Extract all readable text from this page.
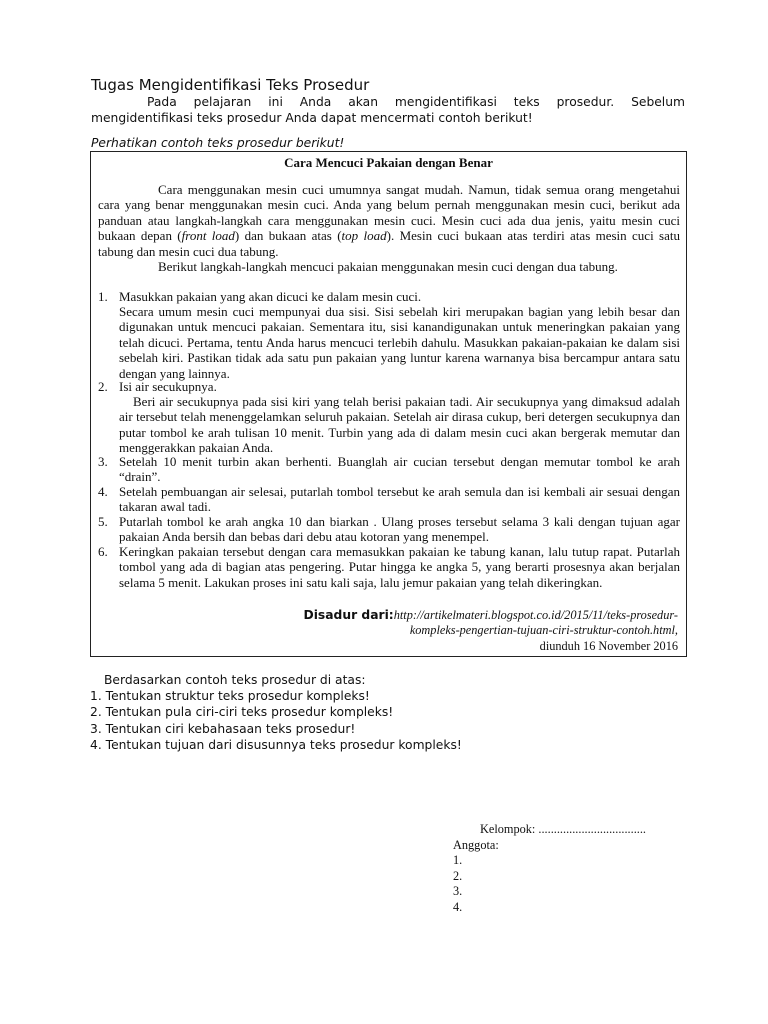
Tugas Mengidentifikasi Teks Prosedur
Pada pelajaran ini Anda akan mengidentifikasi teks prosedur. Sebelum mengidentifikasi teks prosedur Anda dapat mencermati contoh berikut!
Perhatikan contoh teks prosedur berikut!
Cara Mencuci Pakaian dengan Benar
Cara menggunakan mesin cuci umumnya sangat mudah. Namun, tidak semua orang mengetahui cara yang benar menggunakan mesin cuci. Anda yang belum pernah menggunakan mesin cuci, berikut ada panduan atau langkah-langkah cara menggunakan mesin cuci. Mesin cuci ada dua jenis, yaitu mesin cuci bukaan depan (front load) dan bukaan atas (top load). Mesin cuci bukaan atas terdiri atas mesin cuci satu tabung dan mesin cuci dua tabung.
Berikut langkah-langkah mencuci pakaian menggunakan mesin cuci dengan dua tabung.
1. Masukkan pakaian yang akan dicuci ke dalam mesin cuci.
Secara umum mesin cuci mempunyai dua sisi. Sisi sebelah kiri merupakan bagian yang lebih besar dan digunakan untuk mencuci pakaian. Sementara itu, sisi kanandigunakan untuk meneringkan pakaian yang telah dicuci. Pertama, tentu Anda harus mencuci terlebih dahulu. Masukkan pakaian-pakaian ke dalam sisi sebelah kiri. Pastikan tidak ada satu pun pakaian yang luntur karena warnanya bisa bercampur antara satu dengan yang lainnya.
2. Isi air secukupnya.
Beri air secukupnya pada sisi kiri yang telah berisi pakaian tadi. Air secukupnya yang dimaksud adalah air tersebut telah menenggelamkan seluruh pakaian. Setelah air dirasa cukup, beri detergen secukupnya dan putar tombol ke arah tulisan 10 menit. Turbin yang ada di dalam mesin cuci akan bergerak memutar dan menggerakkan pakaian Anda.
3. Setelah 10 menit turbin akan berhenti. Buanglah air cucian tersebut dengan memutar tombol ke arah “drain”.
4. Setelah pembuangan air selesai, putarlah tombol tersebut ke arah semula dan isi kembali air sesuai dengan takaran awal tadi.
5. Putarlah tombol ke arah angka 10 dan biarkan . Ulang proses tersebut selama 3 kali dengan tujuan agar pakaian Anda bersih dan bebas dari debu atau kotoran yang menempel.
6. Keringkan pakaian tersebut dengan cara memasukkan pakaian ke tabung kanan, lalu tutup rapat. Putarlah tombol yang ada di bagian atas pengering. Putar hingga ke angka 5, yang berarti prosesnya akan berjalan selama 5 menit. Lakukan proses ini satu kali saja, lalu jemur pakaian yang telah dikeringkan.
Disadur dari:http://artikelmateri.blogspot.co.id/2015/11/teks-prosedur-kompleks-pengertian-tujuan-ciri-struktur-contoh.html,
diunduh 16 November 2016
Berdasarkan contoh teks prosedur di atas:
1. Tentukan struktur teks prosedur kompleks!
2. Tentukan pula ciri-ciri teks prosedur kompleks!
3. Tentukan ciri kebahasaan teks prosedur!
4. Tentukan tujuan dari disusunnya teks prosedur kompleks!
Kelompok: ...................................
Anggota:
1.
2.
3.
4.
